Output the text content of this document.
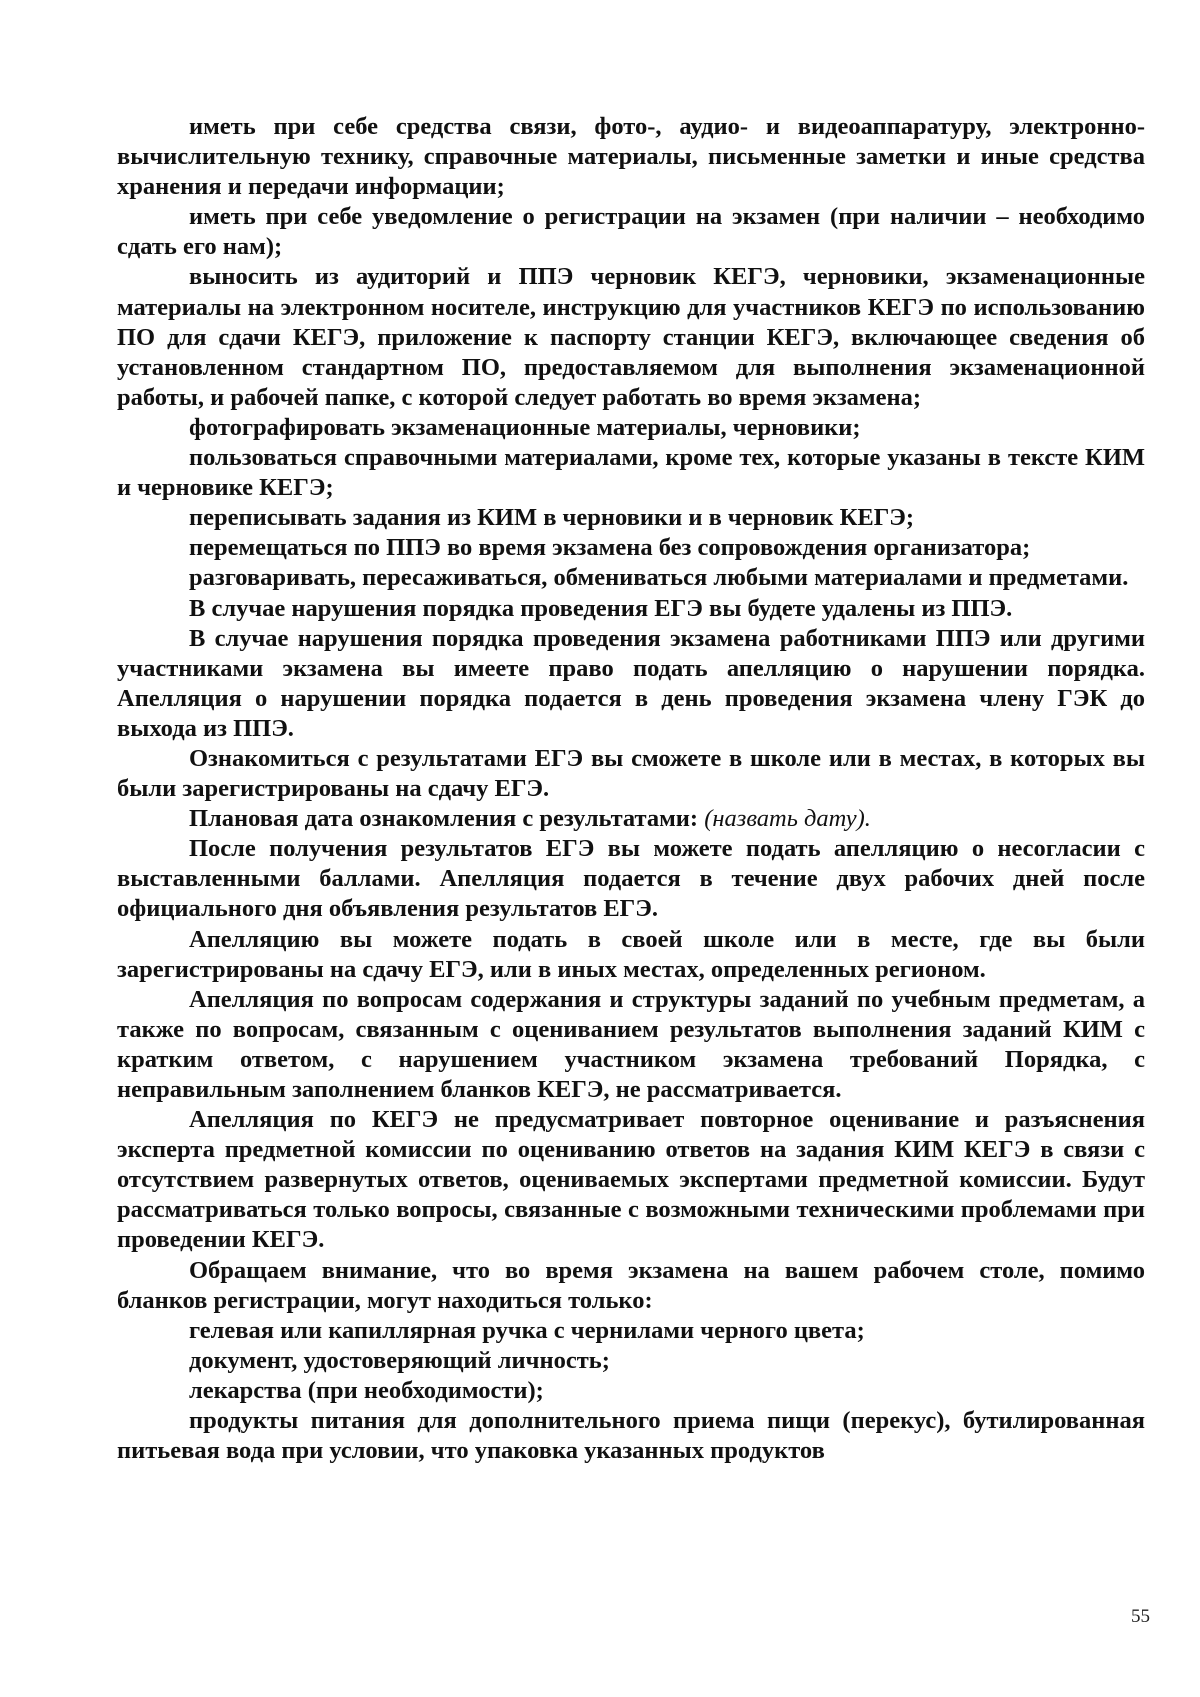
иметь при себе средства связи, фото-, аудио- и видеоаппаратуру, электронно-вычислительную технику, справочные материалы, письменные заметки и иные средства хранения и передачи информации;

иметь при себе уведомление о регистрации на экзамен (при наличии – необходимо сдать его нам);

выносить из аудиторий и ППЭ черновик КЕГЭ, черновики, экзаменационные материалы на электронном носителе, инструкцию для участников КЕГЭ по использованию ПО для сдачи КЕГЭ, приложение к паспорту станции КЕГЭ, включающее сведения об установленном стандартном ПО, предоставляемом для выполнения экзаменационной работы, и рабочей папке, с которой следует работать во время экзамена;

фотографировать экзаменационные материалы, черновики;

пользоваться справочными материалами, кроме тех, которые указаны в тексте КИМ и черновике КЕГЭ;

переписывать задания из КИМ в черновики и в черновик КЕГЭ;

перемещаться по ППЭ во время экзамена без сопровождения организатора;

разговаривать, пересаживаться, обмениваться любыми материалами и предметами.

В случае нарушения порядка проведения ЕГЭ вы будете удалены из ППЭ.

В случае нарушения порядка проведения экзамена работниками ППЭ или другими участниками экзамена вы имеете право подать апелляцию о нарушении порядка. Апелляция о нарушении порядка подается в день проведения экзамена члену ГЭК до выхода из ППЭ.

Ознакомиться с результатами ЕГЭ вы сможете в школе или в местах, в которых вы были зарегистрированы на сдачу ЕГЭ.

Плановая дата ознакомления с результатами: (назвать дату).

После получения результатов ЕГЭ вы можете подать апелляцию о несогласии с выставленными баллами. Апелляция подается в течение двух рабочих дней после официального дня объявления результатов ЕГЭ.

Апелляцию вы можете подать в своей школе или в месте, где вы были зарегистрированы на сдачу ЕГЭ, или в иных местах, определенных регионом.

Апелляция по вопросам содержания и структуры заданий по учебным предметам, а также по вопросам, связанным с оцениванием результатов выполнения заданий КИМ с кратким ответом, с нарушением участником экзамена требований Порядка, с неправильным заполнением бланков КЕГЭ, не рассматривается.

Апелляция по КЕГЭ не предусматривает повторное оценивание и разъяснения эксперта предметной комиссии по оцениванию ответов на задания КИМ КЕГЭ в связи с отсутствием развернутых ответов, оцениваемых экспертами предметной комиссии. Будут рассматриваться только вопросы, связанные с возможными техническими проблемами при проведении КЕГЭ.

Обращаем внимание, что во время экзамена на вашем рабочем столе, помимо бланков регистрации, могут находиться только:

гелевая или капиллярная ручка с чернилами черного цвета;

документ, удостоверяющий личность;

лекарства (при необходимости);

продукты питания для дополнительного приема пищи (перекус), бутилированная питьевая вода при условии, что упаковка указанных продуктов

55
